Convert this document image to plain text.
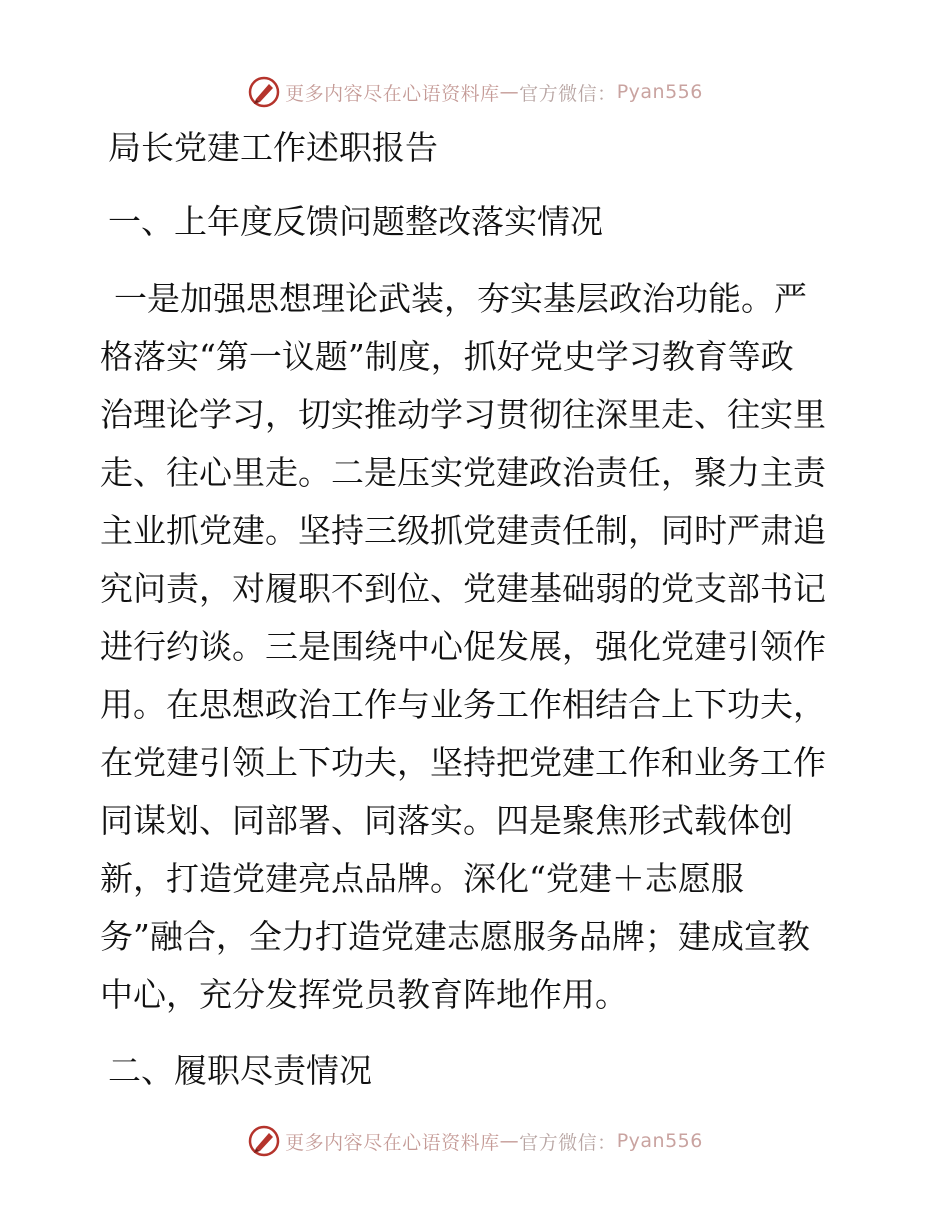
更多内容尽在心语资料库 — 官方微信： Pyan556
局长党建工作述职报告
一、上年度反馈问题整改落实情况
一是加强思想理论武装，夯实基层政治功能。严
格落实“第一议题”制度，抓好党史学习教育等政
治理论学习，切实推动学习贯彻往深里走、往实里
走、往心里走。二是压实党建政治责任，聚力主责
主业抓党建。坚持三级抓党建责任制，同时严肃追
究问责，对履职不到位、党建基础弱的党支部书记
进行约谈。三是围绕中心促发展，强化党建引领作
用。在思想政治工作与业务工作相结合上下功夫，
在党建引领上下功夫，坚持把党建工作和业务工作
同谋划、同部署、同落实。四是聚焦形式载体创
新，打造党建亮点品牌。深化“党建＋志愿服
务”融合，全力打造党建志愿服务品牌；建成宣教
中心，充分发挥党员教育阵地作用。
二、履职尽责情况
更多内容尽在心语资料库 — 官方微信： Pyan556
